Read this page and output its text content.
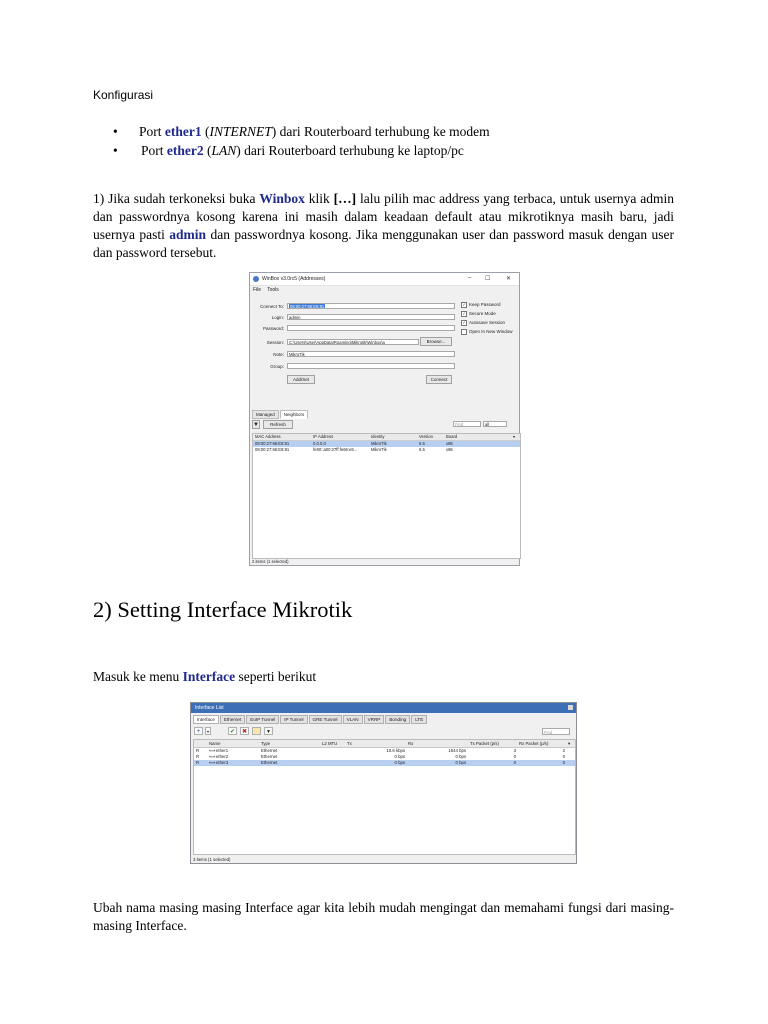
Konfigurasi
• Port ether1 (INTERNET) dari Routerboard terhubung ke modem
• Port ether2 (LAN) dari Routerboard terhubung ke laptop/pc
1) Jika sudah terkoneksi buka Winbox klik […] lalu pilih mac address yang terbaca, untuk usernya admin dan passwordnya kosong karena ini masih dalam keadaan default atau mikrotiknya masih baru, jadi usernya pasti admin dan passwordnya kosong. Jika menggunakan user dan password masuk dengan user dan password tersebut.
WinBox v3.0rc5 (Addresses)	– ☐	✕
File Tools
Connect To:	08:00:27:66:E8:81
Login:	admin
Password:
Session:	C:\Users\User\AppData\Roaming\Mikrotik\Winbox\a	Browse...
Note:	MikroTik
Group:
Add/Set	Connect
✓ Keep Password
✓ Secure Mode
✓ Autosave Session
Open In New Window
Managed Neighbors
▼	Refresh	Find	all
MAC Address	IP Address	Identity	Version	Board	▾
08:00:27:66:E8:81	0.0.0.0	MikroTik	6.5	x86
08:00:27:66:E8:81	fe80::a00:27ff:fe66:e8...	MikroTik	6.5	x86
2 items (1 selected)
2) Setting Interface Mikrotik
Masuk ke menu Interface seperti berikut
Interface List
Interface Ethernet EoIP Tunnel IP Tunnel GRE Tunnel VLAN VRRP Bonding LTE
+	▾	✔	✖	▼	Find
Name	Type	L2 MTU Tx	Rx	Tx Packet (p/s)	Rx Packet (p/s)	▾
R ⟺ ether1	Ethernet	10.6 kbps	1544 bps	3	2
R ⟺ ether2	Ethernet	0 bps	0 bps	0	0
R ⟺ ether3	Ethernet	0 bps	0 bps	0	0
3 items (1 selected)
Ubah nama masing masing Interface agar kita lebih mudah mengingat dan memahami fungsi dari masing-masing Interface.
